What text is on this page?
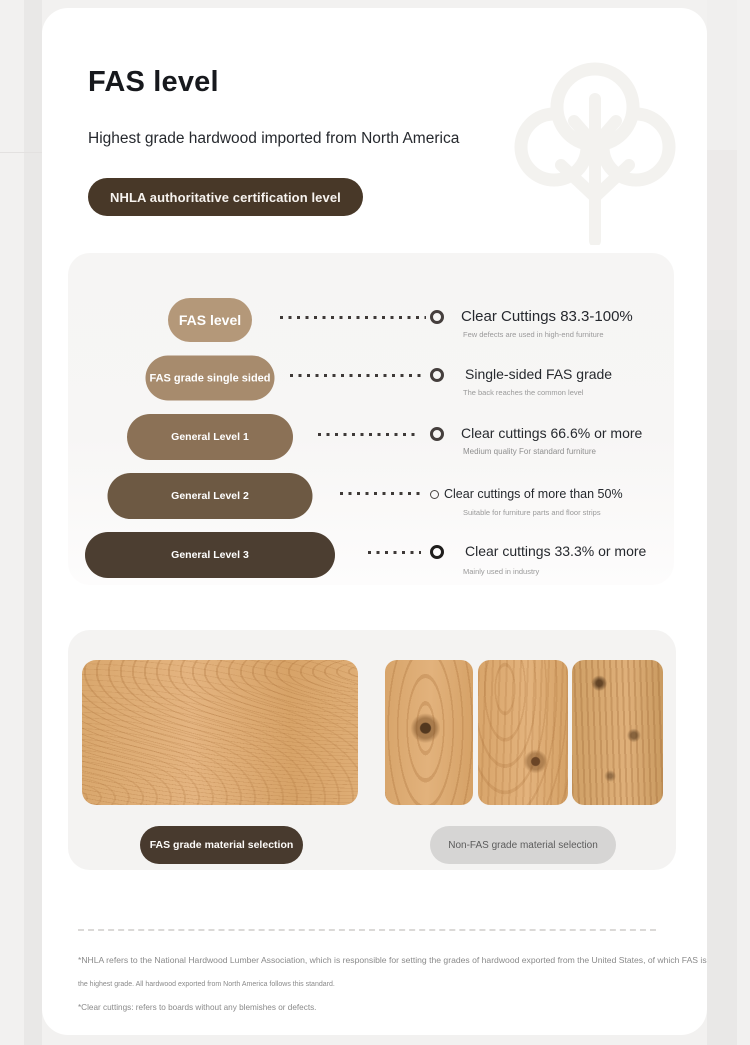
FAS level
Highest grade hardwood imported from North America
NHLA authoritative certification level
FAS level	Clear Cuttings 83.3-100%
Few defects are used in high-end furniture
FAS grade single sided	Single-sided FAS grade
The back reaches the common level
General Level 1	Clear cuttings 66.6% or more
Medium quality For standard furniture
General Level 2	Clear cuttings of more than 50%
Suitable for furniture parts and floor strips
General Level 3	Clear cuttings 33.3% or more
Mainly used in industry
FAS grade material selection	Non-FAS grade material selection
*NHLA refers to the National Hardwood Lumber Association, which is responsible for setting the grades of hardwood exported from the United States, of which FAS is
the highest grade. All hardwood exported from North America follows this standard.
*Clear cuttings: refers to boards without any blemishes or defects.
